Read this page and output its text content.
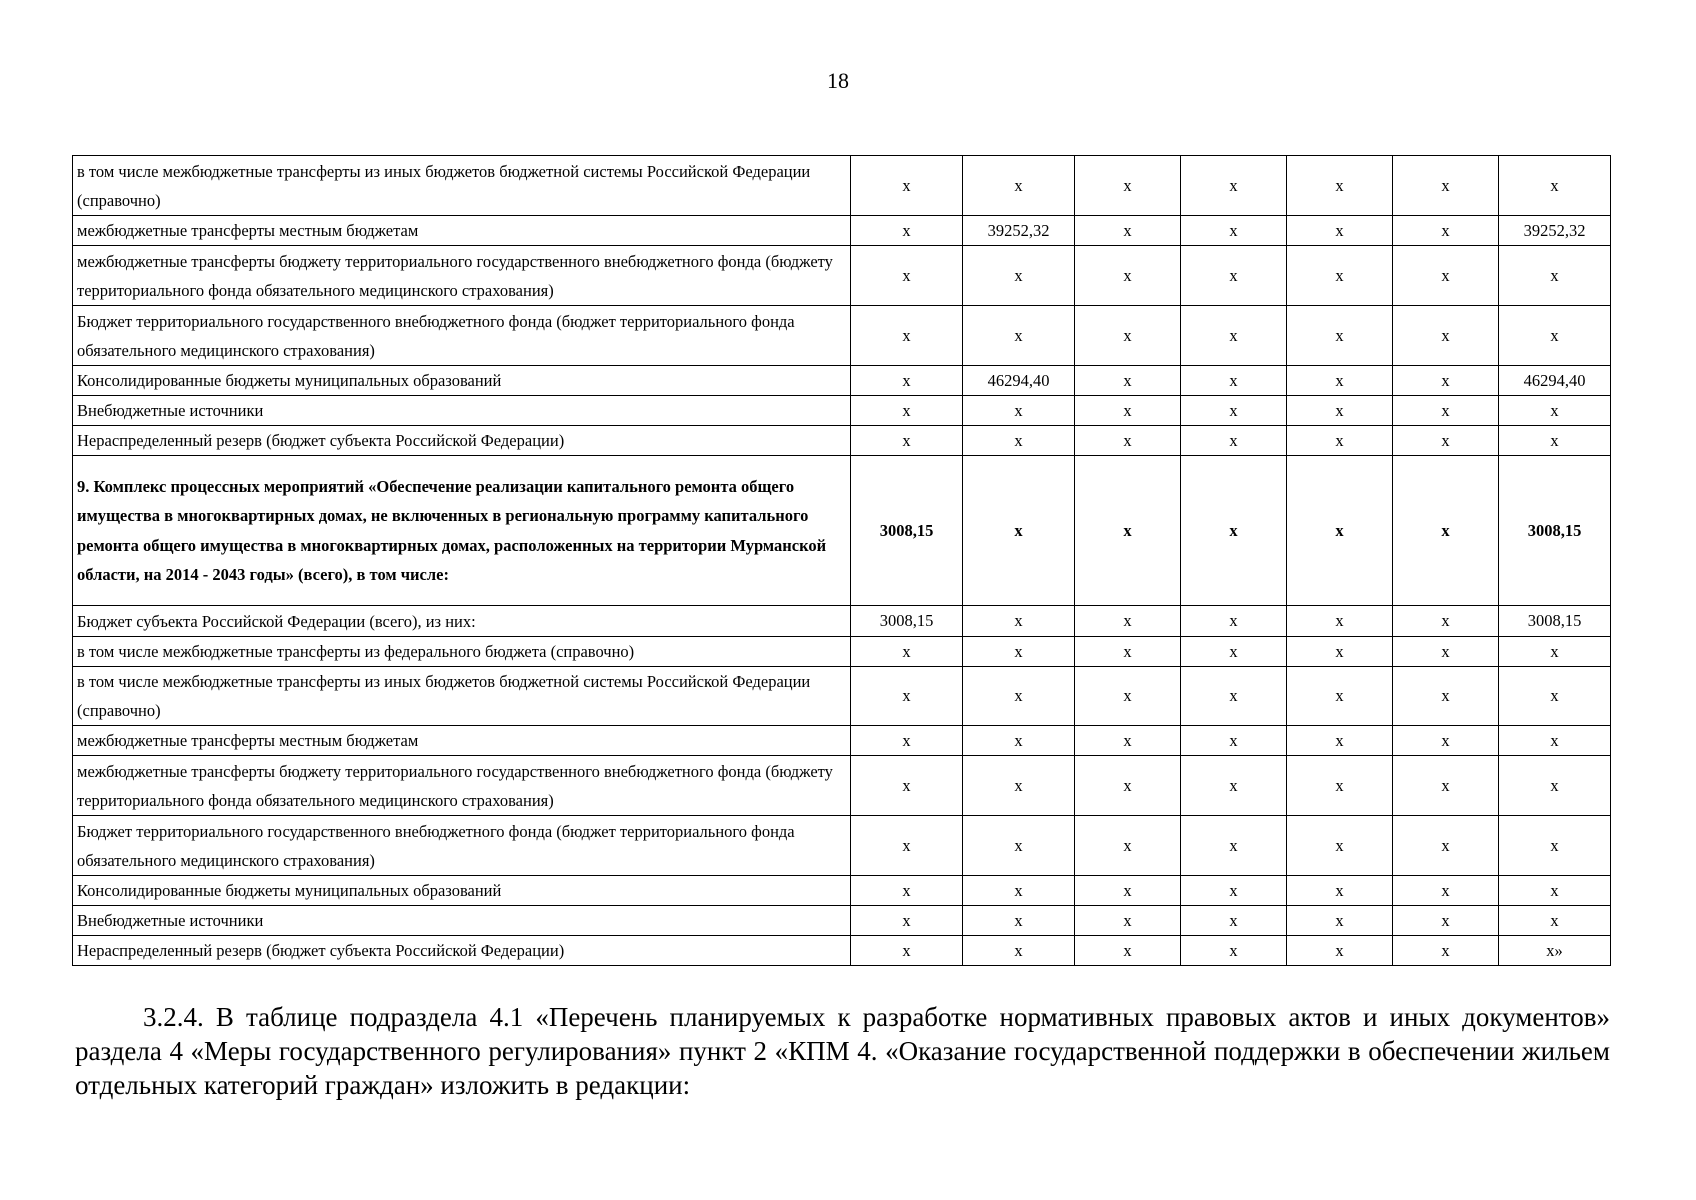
18
в том числе межбюджетные трансферты из иных бюджетов бюджетной системы Российской Федерации (справочно)	x	x	x	x	x	x	x
межбюджетные трансферты местным бюджетам	x	39252,32	x	x	x	x	39252,32
межбюджетные трансферты бюджету территориального государственного внебюджетного фонда (бюджету территориального фонда обязательного медицинского страхования)	x	x	x	x	x	x	x
Бюджет территориального государственного внебюджетного фонда (бюджет территориального фонда обязательного медицинского страхования)	x	x	x	x	x	x	x
Консолидированные бюджеты муниципальных образований	x	46294,40	x	x	x	x	46294,40
Внебюджетные источники	x	x	x	x	x	x	x
Нераспределенный резерв (бюджет субъекта Российской Федерации)	x	x	x	x	x	x	x
9. Комплекс процессных мероприятий «Обеспечение реализации капитального ремонта общего имущества в многоквартирных домах, не включенных в региональную программу капитального ремонта общего имущества в многоквартирных домах, расположенных на территории Мурманской области, на 2014 - 2043 годы» (всего), в том числе:	3008,15	x	x	x	x	x	3008,15
Бюджет субъекта Российской Федерации (всего), из них:	3008,15	x	x	x	x	x	3008,15
в том числе межбюджетные трансферты из федерального бюджета (справочно)	x	x	x	x	x	x	x
в том числе межбюджетные трансферты из иных бюджетов бюджетной системы Российской Федерации (справочно)	x	x	x	x	x	x	x
межбюджетные трансферты местным бюджетам	x	x	x	x	x	x	x
межбюджетные трансферты бюджету территориального государственного внебюджетного фонда (бюджету территориального фонда обязательного медицинского страхования)	x	x	x	x	x	x	x
Бюджет территориального государственного внебюджетного фонда (бюджет территориального фонда обязательного медицинского страхования)	x	x	x	x	x	x	x
Консолидированные бюджеты муниципальных образований	x	x	x	x	x	x	x
Внебюджетные источники	x	x	x	x	x	x	x
Нераспределенный резерв (бюджет субъекта Российской Федерации)	x	x	x	x	x	x	x»
3.2.4. В таблице подраздела 4.1 «Перечень планируемых к разработке нормативных правовых актов и иных документов» раздела 4 «Меры государственного регулирования» пункт 2 «КПМ 4. «Оказание государственной поддержки в обеспечении жильем отдельных категорий граждан» изложить в редакции:
